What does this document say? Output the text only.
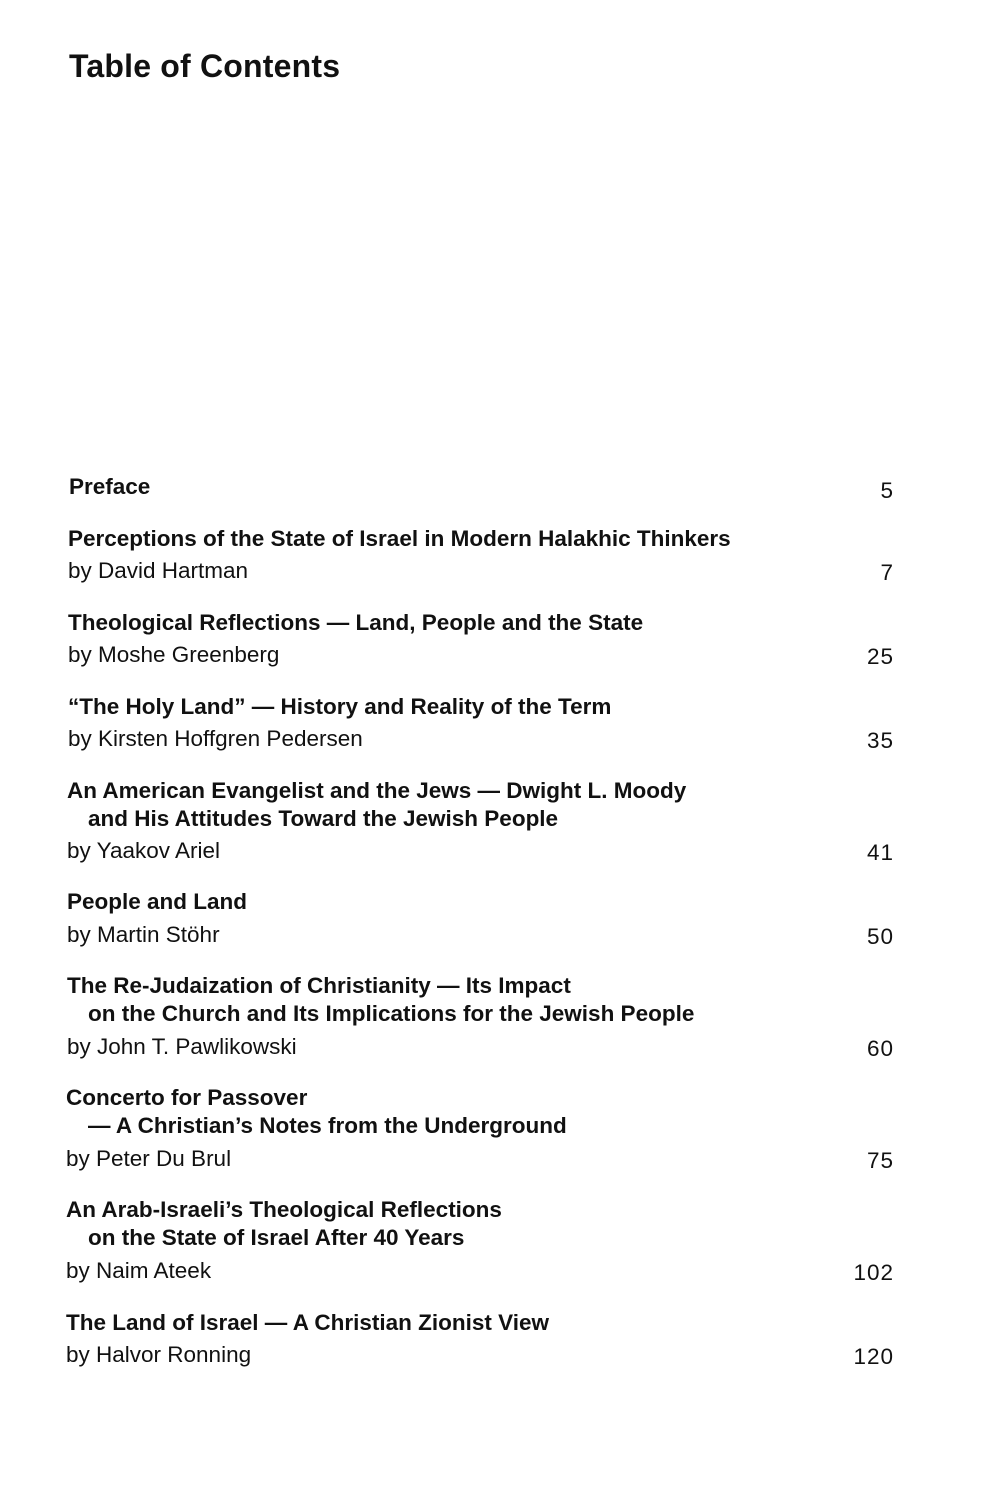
Table of Contents
Preface	5
Perceptions of the State of Israel in Modern Halakhic Thinkers
by David Hartman	7
Theological Reflections — Land, People and the State
by Moshe Greenberg	25
“The Holy Land” — History and Reality of the Term
by Kirsten Hoffgren Pedersen	35
An American Evangelist and the Jews — Dwight L. Moody
and His Attitudes Toward the Jewish People
by Yaakov Ariel	41
People and Land
by Martin Stöhr	50
The Re-Judaization of Christianity — Its Impact
on the Church and Its Implications for the Jewish People
by John T. Pawlikowski	60
Concerto for Passover
— A Christian’s Notes from the Underground
by Peter Du Brul	75
An Arab-Israeli’s Theological Reflections
on the State of Israel After 40 Years
by Naim Ateek	102
The Land of Israel — A Christian Zionist View
by Halvor Ronning	120
